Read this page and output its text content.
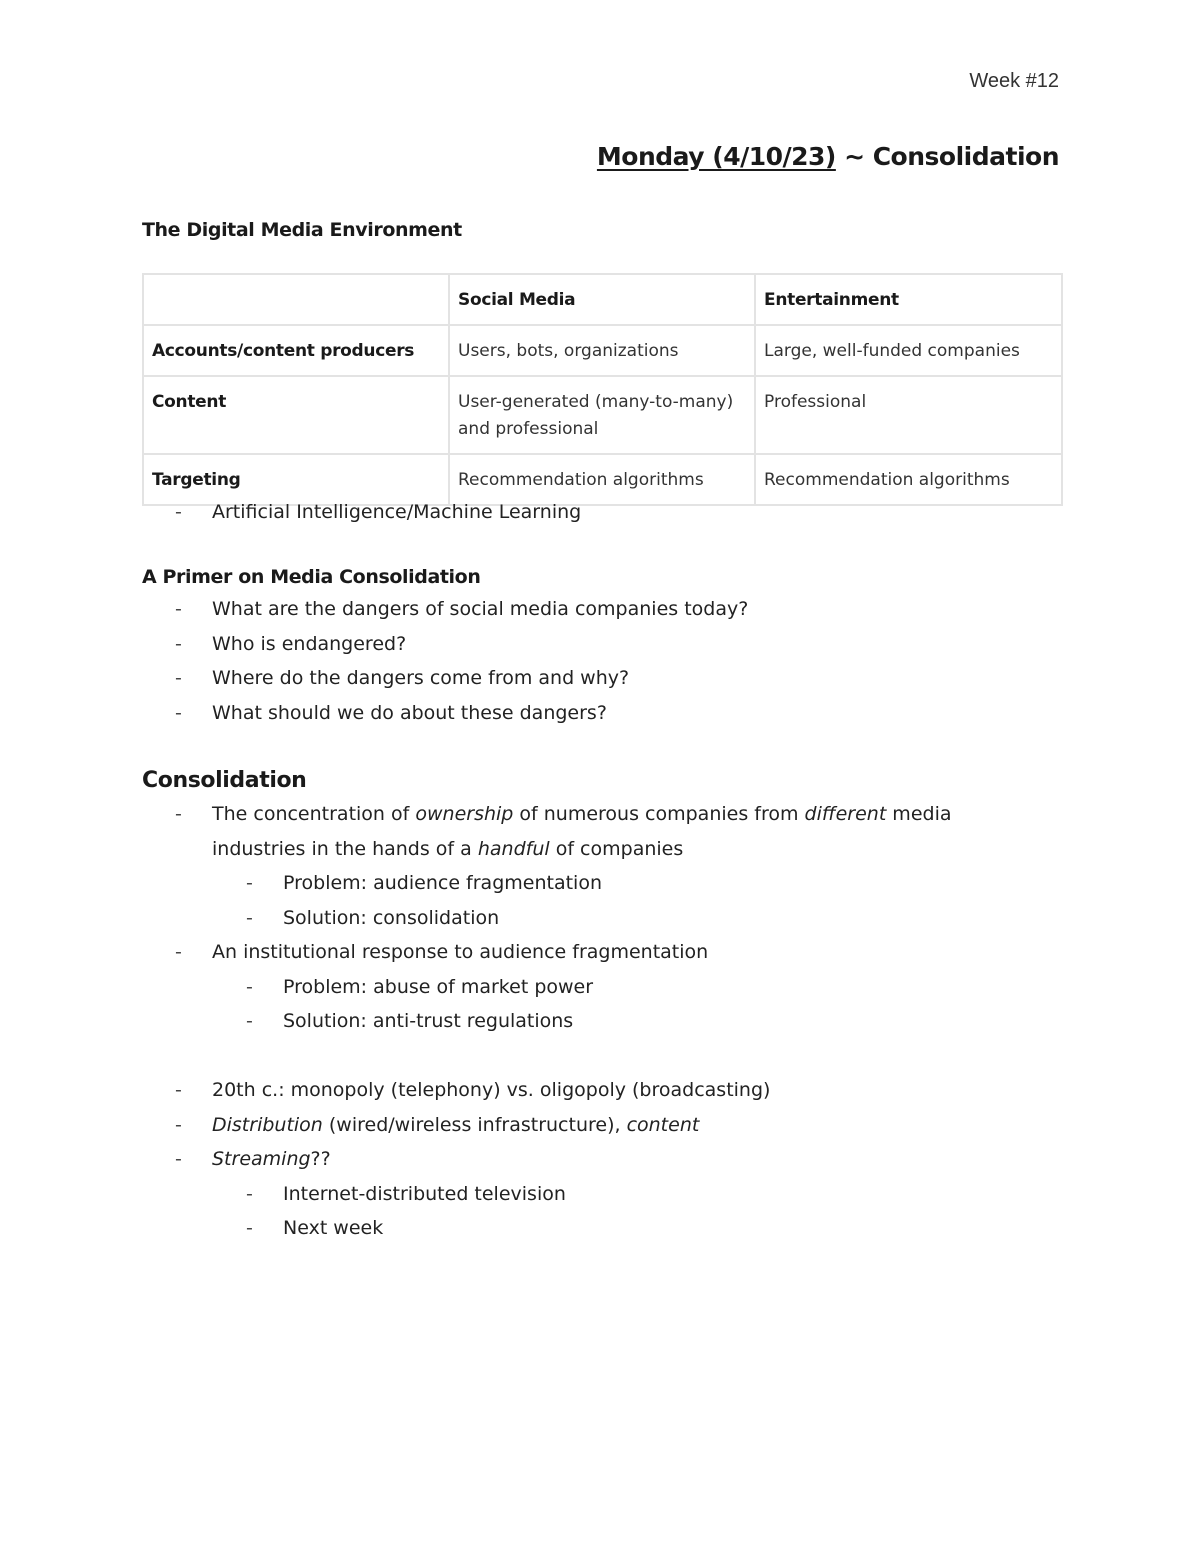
Week #12
Monday (4/10/23) ~ Consolidation
The Digital Media Environment
	Social Media	Entertainment
Accounts/content producers	Users, bots, organizations	Large, well-funded companies
Content	User-generated (many-to-many) and professional	Professional
Targeting	Recommendation algorithms	Recommendation algorithms
- Artificial Intelligence/Machine Learning
A Primer on Media Consolidation
- What are the dangers of social media companies today?
- Who is endangered?
- Where do the dangers come from and why?
- What should we do about these dangers?
Consolidation
- The concentration of ownership of numerous companies from different media
industries in the hands of a handful of companies
- Problem: audience fragmentation
- Solution: consolidation
- An institutional response to audience fragmentation
- Problem: abuse of market power
- Solution: anti-trust regulations
- 20th c.: monopoly (telephony) vs. oligopoly (broadcasting)
- Distribution (wired/wireless infrastructure), content
- Streaming??
- Internet-distributed television
- Next week
